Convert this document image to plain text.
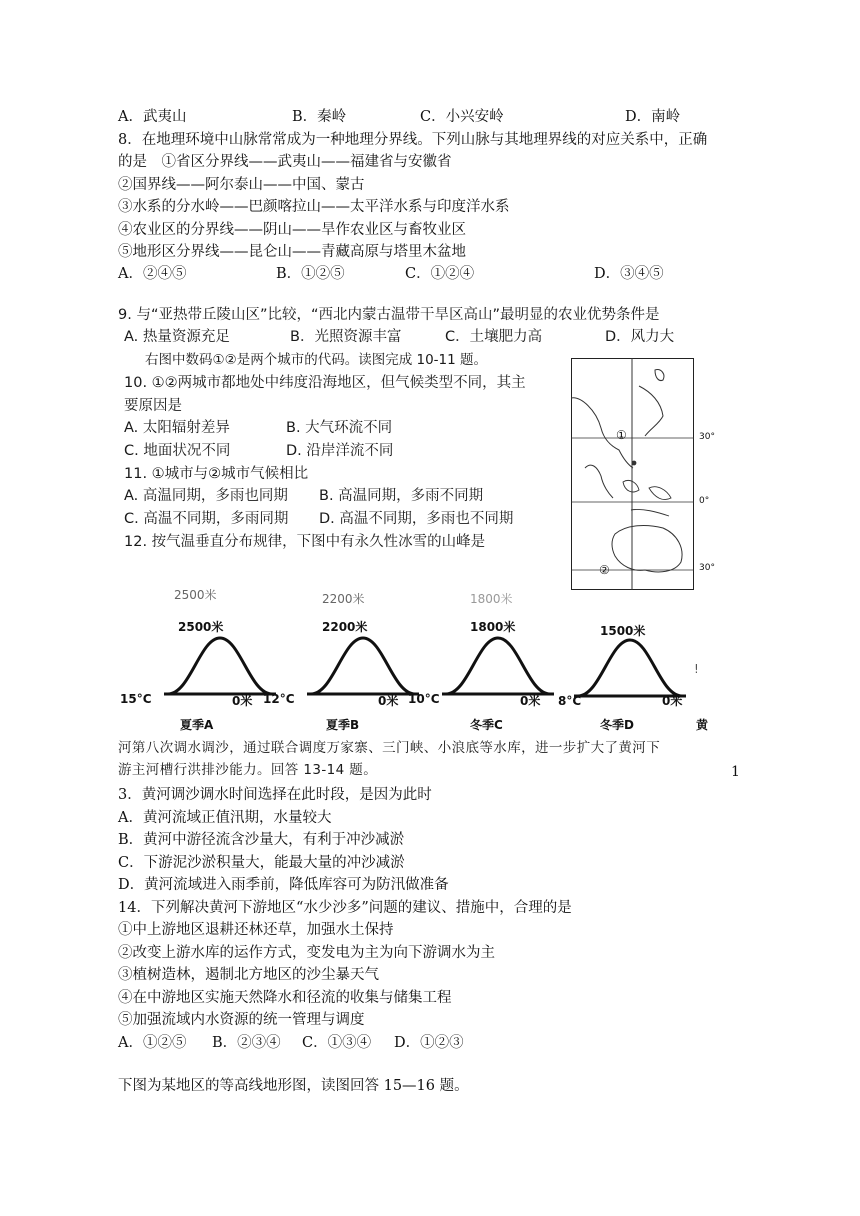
A．武夷山	B．秦岭	C．小兴安岭	D．南岭
8．在地理环境中山脉常常成为一种地理分界线。下列山脉与其地理界线的对应关系中，正确
的是　①省区分界线——武夷山——福建省与安徽省
②国界线——阿尔泰山——中国、蒙古
③水系的分水岭——巴颜喀拉山——太平洋水系与印度洋水系
④农业区的分界线——阴山——旱作农业区与畜牧业区
⑤地形区分界线——昆仑山——青藏高原与塔里木盆地
A．②④⑤	B．①②⑤	C．①②④	D．③④⑤
9. 与“亚热带丘陵山区”比较，“西北内蒙古温带干旱区高山”最明显的农业优势条件是
A. 热量资源充足	B．光照资源丰富	C．土壤肥力高	D．风力大
右图中数码①②是两个城市的代码。读图完成 10-11 题。
10. ①②两城市都地处中纬度沿海地区，但气候类型不同，其主
要原因是
A. 太阳辐射差异	B. 大气环流不同
C. 地面状况不同	D. 沿岸洋流不同
11. ①城市与②城市气候相比
A. 高温同期，多雨也同期 B. 高温同期，多雨不同期
C. 高温不同期，多雨同期 D. 高温不同期，多雨也不同期
12. 按气温垂直分布规律，下图中有永久性冰雪的山峰是
①
②
30°
0°
30°
2500米
2500米
15°C	0米
夏季A
2200米
2200米
12°C	0米
夏季B
1800米
1800米
10°C	0米
冬季C
1500米
8°C	0米
冬季D
!
黄
河第八次调水调沙，通过联合调度万家寨、三门峡、小浪底等水库，进一步扩大了黄河下
游主河槽行洪排沙能力。回答 13-14 题。	1
3．黄河调沙调水时间选择在此时段，是因为此时
A．黄河流域正值汛期，水量较大
B．黄河中游径流含沙量大，有利于冲沙减淤
C．下游泥沙淤积量大，能最大量的冲沙减淤
D．黄河流域进入雨季前，降低库容可为防汛做准备
14．下列解决黄河下游地区“水少沙多”问题的建议、措施中，合理的是
①中上游地区退耕还林还草，加强水土保持
②改变上游水库的运作方式，变发电为主为向下游调水为主
③植树造林，遏制北方地区的沙尘暴天气
④在中游地区实施天然降水和径流的收集与储集工程
⑤加强流域内水资源的统一管理与调度
A．①②⑤ B．②③④ C．①③④ D．①②③
下图为某地区的等高线地形图，读图回答 15—16 题。
